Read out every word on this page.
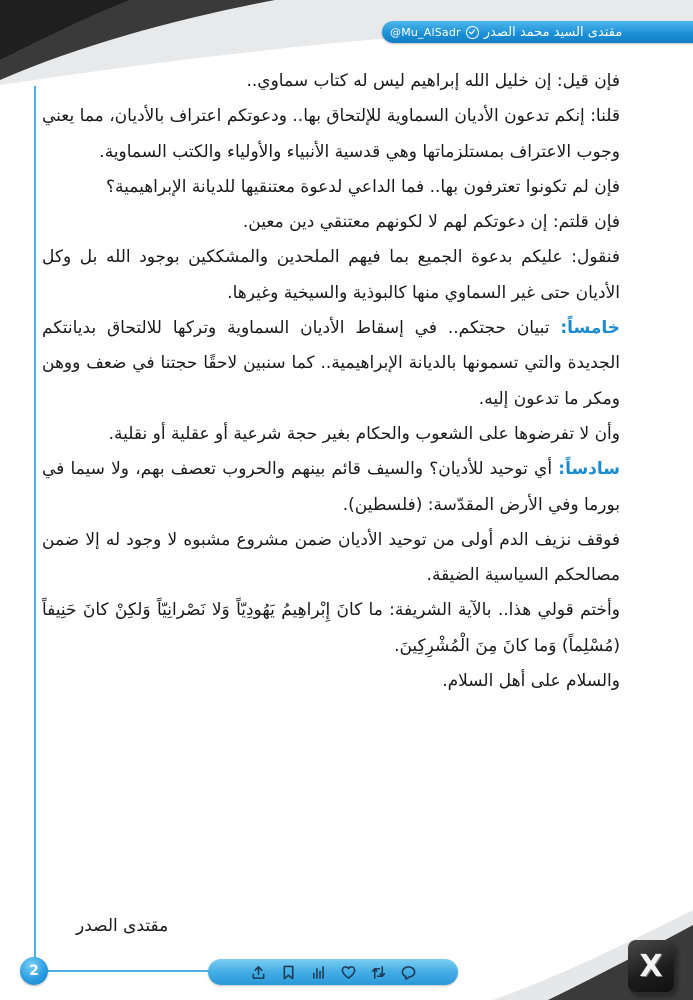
@Mu_AlSadr مقتدى السيد محمد الصدر

فإن قيل: إن خليل الله إبراهيم ليس له كتاب سماوي..

قلنا: إنكم تدعون الأديان السماوية للإلتحاق بها.. ودعوتكم اعتراف بالأديان، مما يعني وجوب الاعتراف بمستلزماتها وهي قدسية الأنبياء والأولياء والكتب السماوية.

فإن لم تكونوا تعترفون بها.. فما الداعي لدعوة معتنقيها للديانة الإبراهيمية؟

فإن قلتم: إن دعوتكم لهم لا لكونهم معتنقي دين معين.

فنقول: عليكم بدعوة الجميع بما فيهم الملحدين والمشككين بوجود الله بل وكل الأديان حتى غير السماوي منها كالبوذية والسيخية وغيرها.

خامساً: تبيان حجتكم.. في إسقاط الأديان السماوية وتركها للالتحاق بديانتكم الجديدة والتي تسمونها بالديانة الإبراهيمية.. كما سنبين لاحقًا حجتنا في ضعف ووهن ومكر ما تدعون إليه.

وأن لا تفرضوها على الشعوب والحكام بغير حجة شرعية أو عقلية أو نقلية.

سادساً: أي توحيد للأديان؟ والسيف قائم بينهم والحروب تعصف بهم، ولا سيما في بورما وفي الأرض المقدّسة: (فلسطين).

فوقف نزيف الدم أولى من توحيد الأديان ضمن مشروع مشبوه لا وجود له إلا ضمن مصالحكم السياسية الضيقة.

وأختم قولي هذا.. بالآية الشريفة: ما كانَ إِبْراهِيمُ يَهُودِيّاً وَلا نَصْرانِيّاً وَلكِنْ كانَ حَنِيفاً (مُسْلِماً) وَما كانَ مِنَ الْمُشْرِكِينَ.

والسلام على أهل السلام.

مقتدى الصدر
2	X
